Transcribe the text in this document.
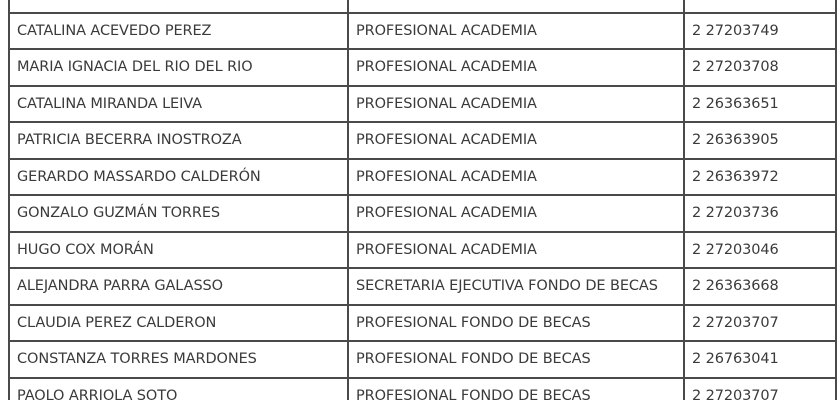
CATALINA ACEVEDO PEREZ	PROFESIONAL ACADEMIA	2 27203749
MARIA IGNACIA DEL RIO DEL RIO	PROFESIONAL ACADEMIA	2 27203708
CATALINA MIRANDA LEIVA	PROFESIONAL ACADEMIA	2 26363651
PATRICIA BECERRA INOSTROZA	PROFESIONAL ACADEMIA	2 26363905
GERARDO MASSARDO CALDERÓN	PROFESIONAL ACADEMIA	2 26363972
GONZALO GUZMÁN TORRES	PROFESIONAL ACADEMIA	2 27203736
HUGO COX MORÁN	PROFESIONAL ACADEMIA	2 27203046
ALEJANDRA PARRA GALASSO	SECRETARIA EJECUTIVA FONDO DE BECAS	2 26363668
CLAUDIA PEREZ CALDERON	PROFESIONAL FONDO DE BECAS	2 27203707
CONSTANZA TORRES MARDONES	PROFESIONAL FONDO DE BECAS	2 26763041
PAOLO ARRIOLA SOTO	PROFESIONAL FONDO DE BECAS	2 27203707
